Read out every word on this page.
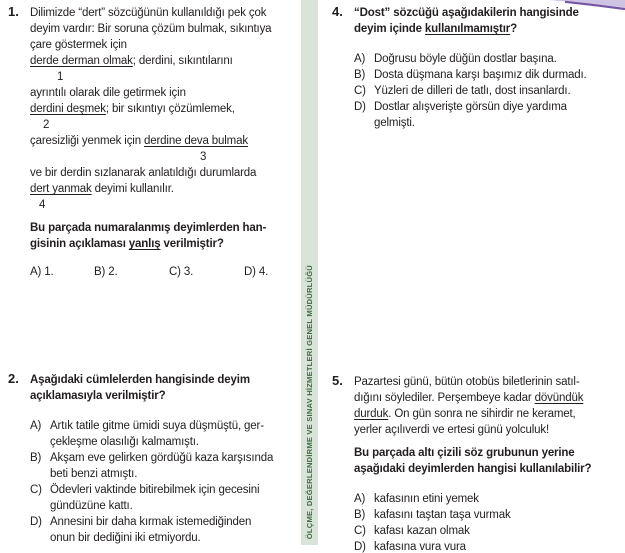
1. Dilimizde “dert” sözcüğünün kullanıldığı pek çok
deyim vardır: Bir soruna çözüm bulmak, sıkıntıya
çare göstermek için
derde derman olmak; derdini, sıkıntılarını
1
ayrıntılı olarak dile getirmek için
derdini deşmek; bir sıkıntıyı çözümlemek,
2
çaresizliği yenmek için derdine deva bulmak
3
ve bir derdin sızlanarak anlatıldığı durumlarda
dert yanmak deyimi kullanılır.
4
Bu parçada numaralanmış deyimlerden han-
gisinin açıklaması yanlış verilmiştir?
A) 1.	B) 2.	C) 3.	D) 4.
2. Aşağıdaki cümlelerden hangisinde deyim
açıklamasıyla verilmiştir?
A) Artık tatile gitme ümidi suya düşmüştü, ger-
çekleşme olasılığı kalmamıştı.
B) Akşam eve gelirken gördüğü kaza karşısında
beti benzi atmıştı.
C) Ödevleri vaktinde bitirebilmek için gecesini
gündüzüne kattı.
D) Annesini bir daha kırmak istemediğinden
onun bir dediğini iki etmiyordu.	ÖLÇME, DEĞERLENDİRME VE SINAV HİZMETLERİ GENEL MÜDÜRLÜĞÜ
4. “Dost” sözcüğü aşağıdakilerin hangisinde
deyim içinde kullanılmamıştır?
A) Doğrusu böyle düğün dostlar başına.
B) Dosta düşmana karşı başımız dik durmadı.
C) Yüzleri de dilleri de tatlı, dost insanlardı.
D) Dostlar alışverişte görsün diye yardıma
gelmişti.
5. Pazartesi günü, bütün otobüs biletlerinin satıl-
dığını söylediler. Perşembeye kadar dövündük
durduk. On gün sonra ne sihirdir ne keramet,
yerler açılıverdi ve ertesi günü yolculuk!
Bu parçada altı çizili söz grubunun yerine
aşağıdaki deyimlerden hangisi kullanılabilir?
A) kafasının etini yemek
B) kafasını taştan taşa vurmak
C) kafası kazan olmak
D) kafasına vura vura
